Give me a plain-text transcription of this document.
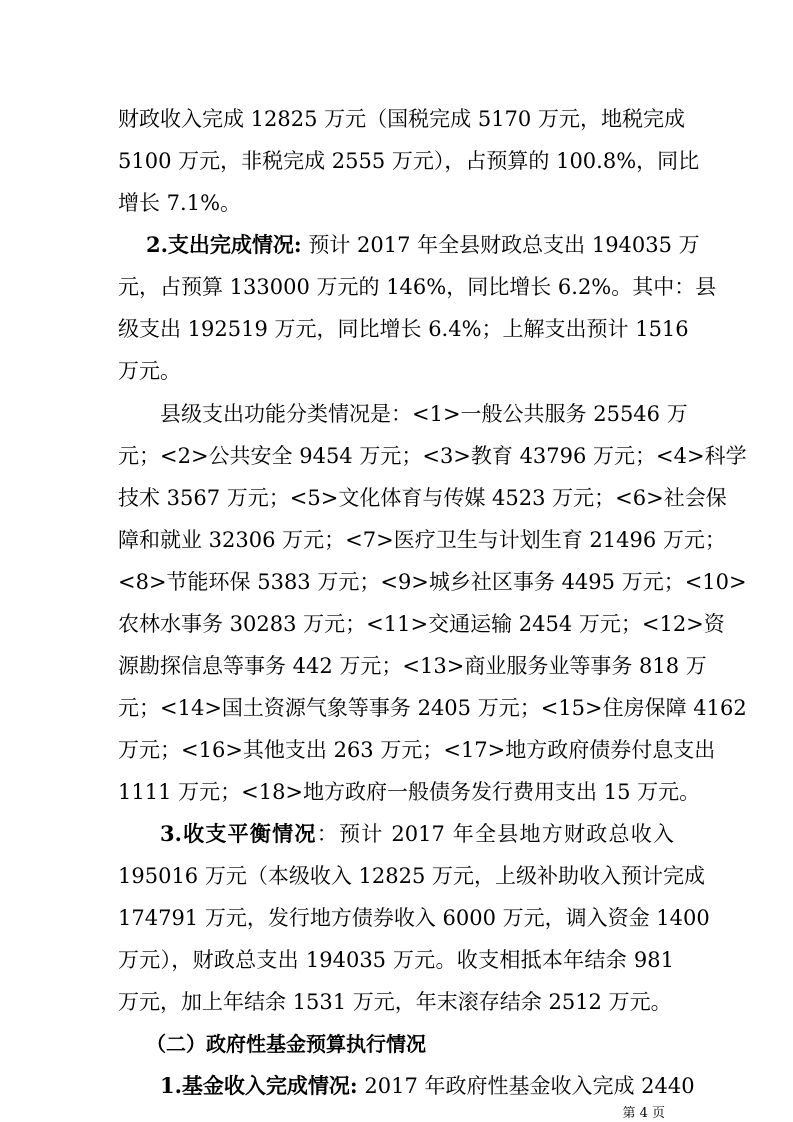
财政收入完成 12825 万元（国税完成 5170 万元，地税完成
5100 万元，非税完成 2555 万元），占预算的 100.8%，同比
增长 7.1%。
2.支出完成情况: 预计 2017 年全县财政总支出 194035 万
元，占预算 133000 万元的 146%，同比增长 6.2%。其中：县
级支出 192519 万元，同比增长 6.4%；上解支出预计 1516
万元。
县级支出功能分类情况是：<1>一般公共服务 25546 万
元；<2>公共安全 9454 万元；<3>教育 43796 万元；<4>科学
技术 3567 万元；<5>文化体育与传媒 4523 万元；<6>社会保
障和就业 32306 万元；<7>医疗卫生与计划生育 21496 万元；
<8>节能环保 5383 万元；<9>城乡社区事务 4495 万元；<10>
农林水事务 30283 万元；<11>交通运输 2454 万元；<12>资
源勘探信息等事务 442 万元；<13>商业服务业等事务 818 万
元；<14>国土资源气象等事务 2405 万元；<15>住房保障 4162
万元；<16>其他支出 263 万元；<17>地方政府债券付息支出
1111 万元；<18>地方政府一般债务发行费用支出 15 万元。
3.收支平衡情况：预计 2017 年全县地方财政总收入
195016 万元（本级收入 12825 万元，上级补助收入预计完成
174791 万元，发行地方债券收入 6000 万元，调入资金 1400
万元），财政总支出 194035 万元。收支相抵本年结余 981
万元，加上年结余 1531 万元，年末滚存结余 2512 万元。
（二）政府性基金预算执行情况
1.基金收入完成情况: 2017 年政府性基金收入完成 2440
第 4 页
